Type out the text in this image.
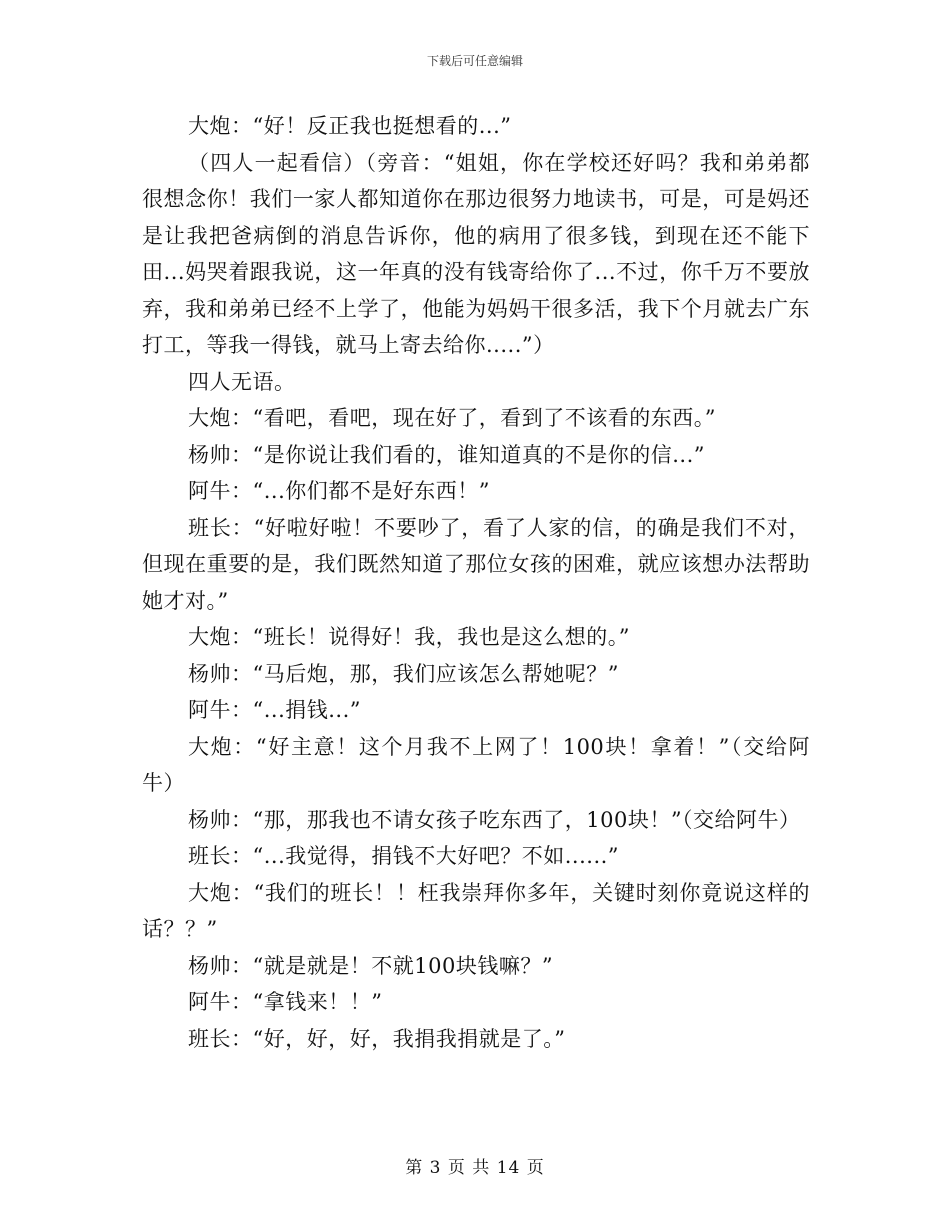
下载后可任意编辑

大炮：“好！反正我也挺想看的...”

（四人一起看信）（旁音：“姐姐，你在学校还好吗？我和弟弟都很想念你！我们一家人都知道你在那边很努力地读书，可是，可是妈还是让我把爸病倒的消息告诉你，他的病用了很多钱，到现在还不能下田...妈哭着跟我说，这一年真的没有钱寄给你了...不过，你千万不要放弃，我和弟弟已经不上学了，他能为妈妈干很多活，我下个月就去广东打工，等我一得钱，就马上寄去给你.....”）

四人无语。

大炮：“看吧，看吧，现在好了，看到了不该看的东西。”

杨帅：“是你说让我们看的，谁知道真的不是你的信...”

阿牛：“...你们都不是好东西！”

班长：“好啦好啦！不要吵了，看了人家的信，的确是我们不对，但现在重要的是，我们既然知道了那位女孩的困难，就应该想办法帮助她才对。”

大炮：“班长！说得好！我，我也是这么想的。”

杨帅：“马后炮，那，我们应该怎么帮她呢？”

阿牛：“...捐钱...”

大炮：“好主意！这个月我不上网了！100块！拿着！”（交给阿牛）

杨帅：“那，那我也不请女孩子吃东西了，100块！”（交给阿牛）

班长：“...我觉得，捐钱不大好吧？不如......”

大炮：“我们的班长！！枉我崇拜你多年，关键时刻你竟说这样的话？？”

杨帅：“就是就是！不就100块钱嘛？”

阿牛：“拿钱来！！”

班长：“好，好，好，我捐我捐就是了。”

第 3 页 共 14 页
